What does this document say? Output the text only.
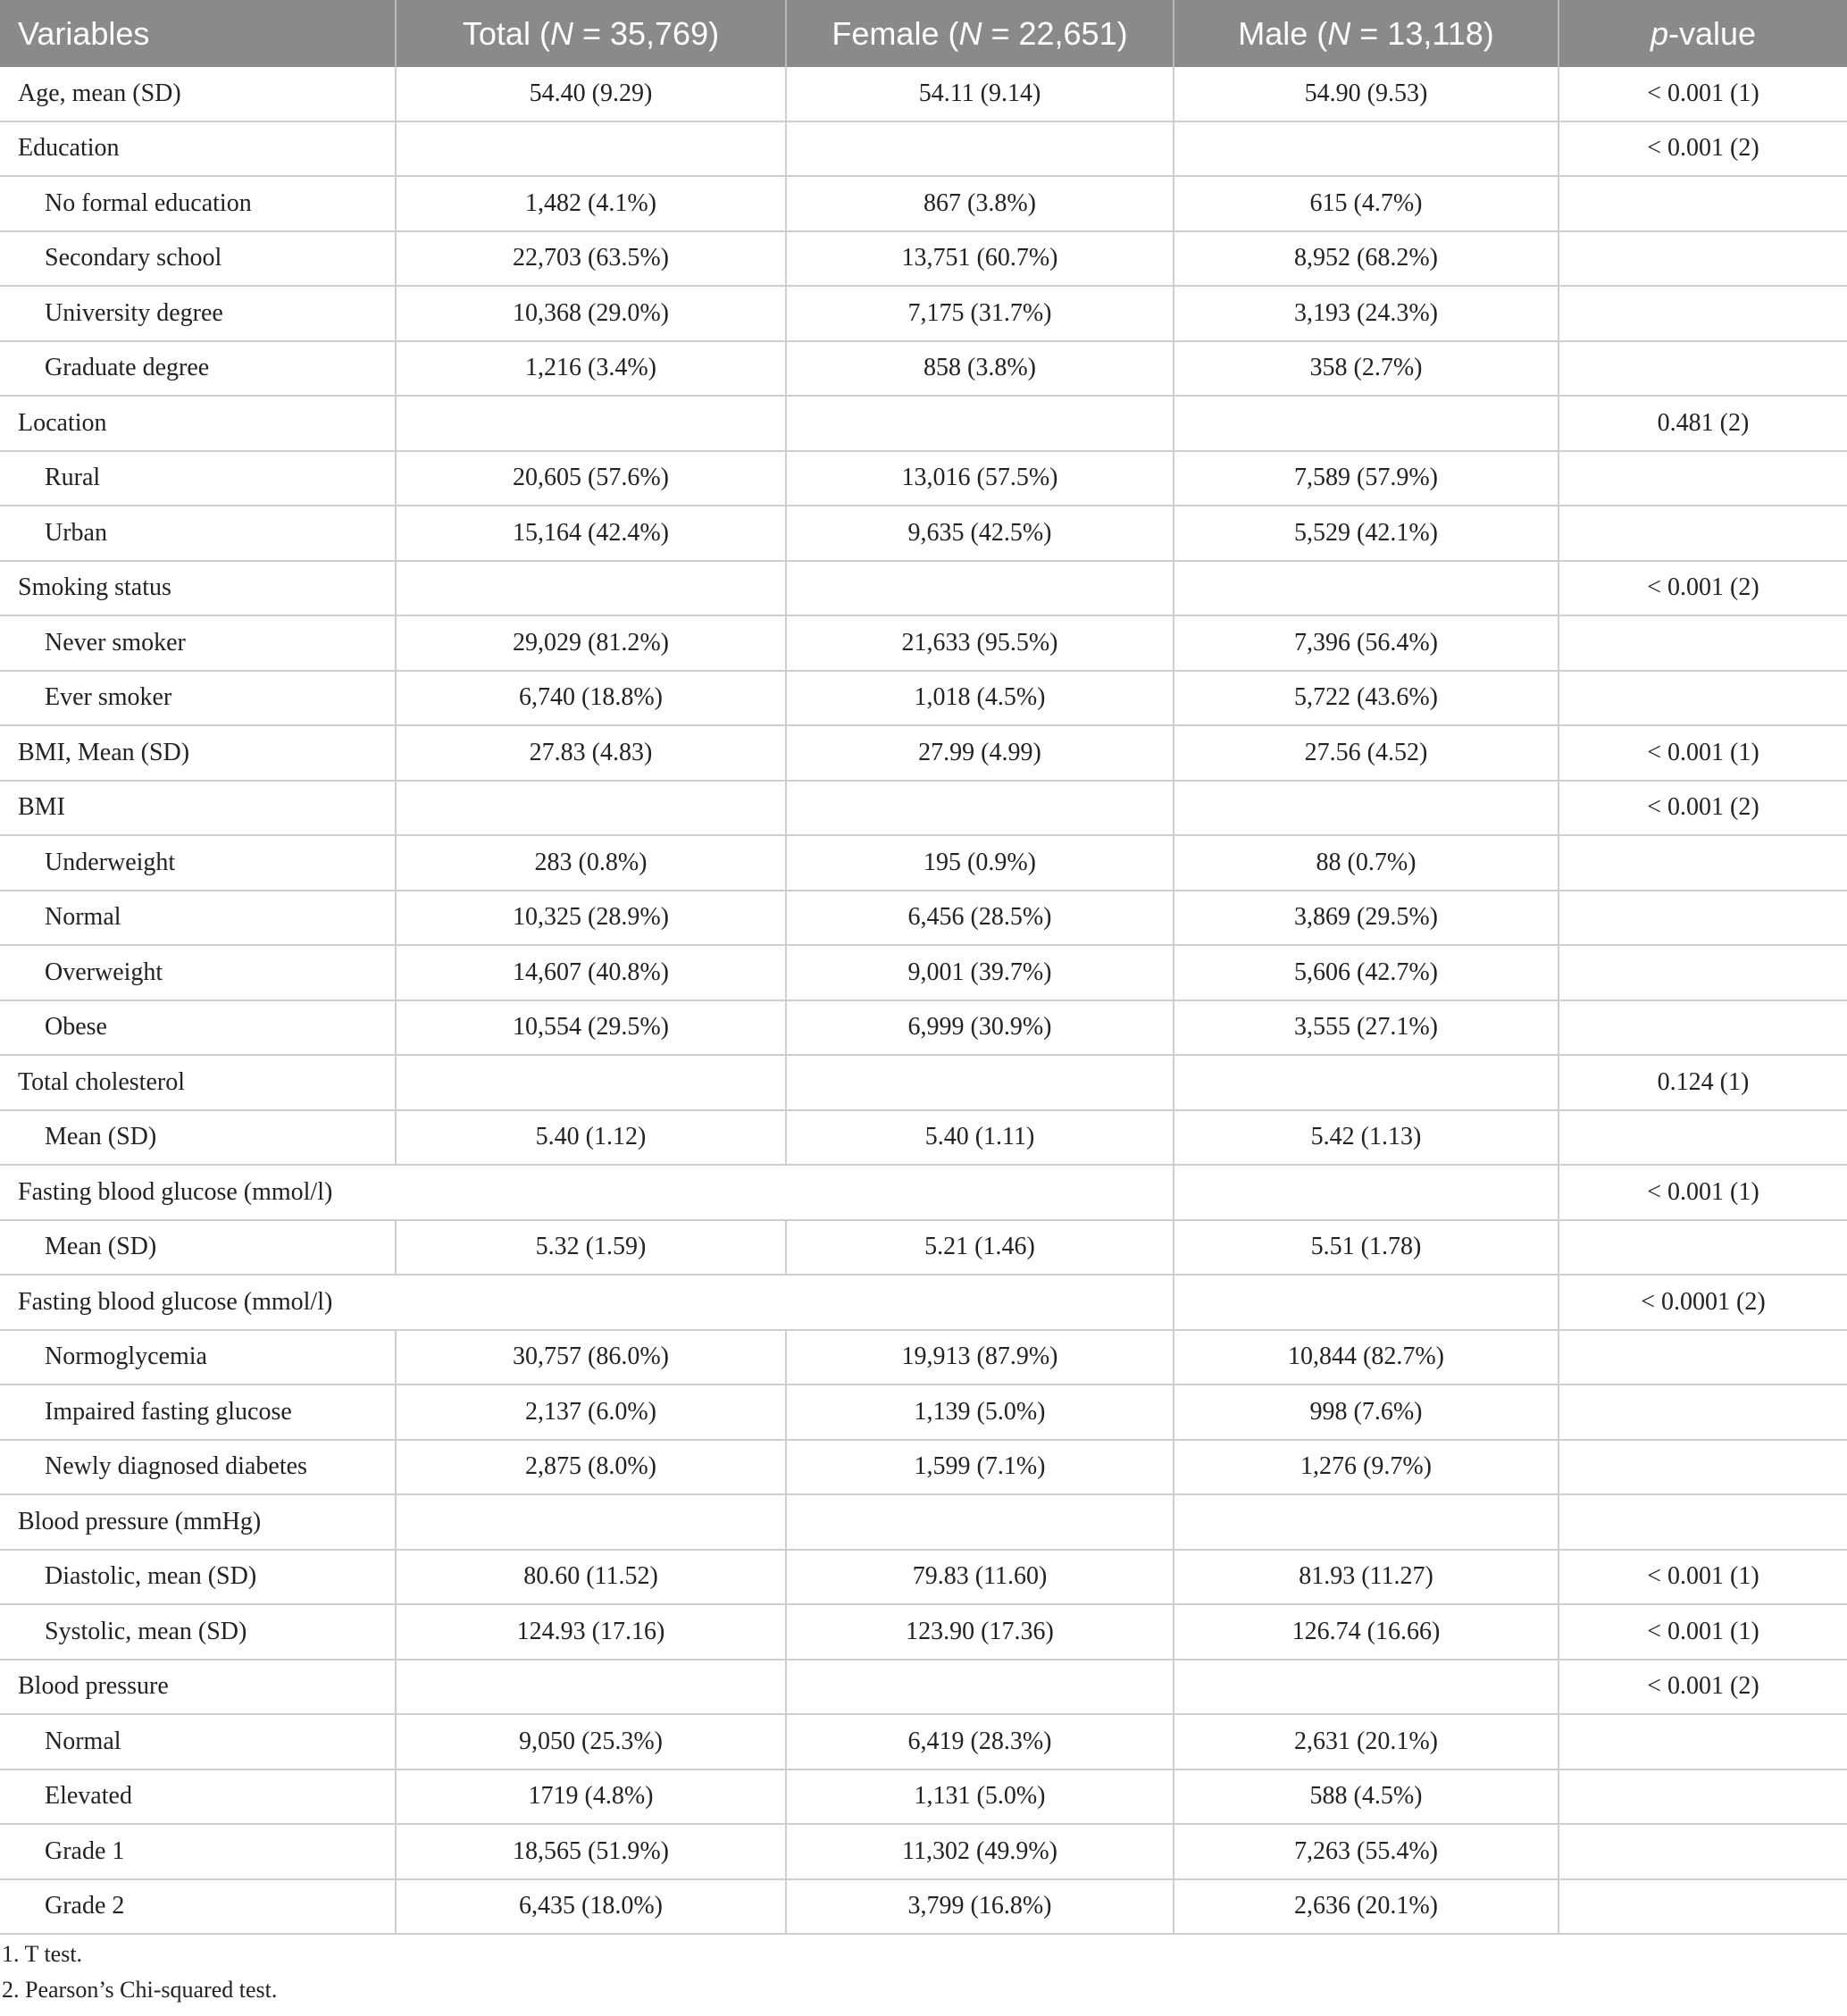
Variables	Total (N = 35,769)	Female (N = 22,651)	Male (N = 13,118)	p-value
Age, mean (SD)	54.40 (9.29)	54.11 (9.14)	54.90 (9.53)	< 0.001 (1)
Education				< 0.001 (2)
No formal education	1,482 (4.1%)	867 (3.8%)	615 (4.7%)	
Secondary school	22,703 (63.5%)	13,751 (60.7%)	8,952 (68.2%)	
University degree	10,368 (29.0%)	7,175 (31.7%)	3,193 (24.3%)	
Graduate degree	1,216 (3.4%)	858 (3.8%)	358 (2.7%)	
Location				0.481 (2)
Rural	20,605 (57.6%)	13,016 (57.5%)	7,589 (57.9%)	
Urban	15,164 (42.4%)	9,635 (42.5%)	5,529 (42.1%)	
Smoking status				< 0.001 (2)
Never smoker	29,029 (81.2%)	21,633 (95.5%)	7,396 (56.4%)	
Ever smoker	6,740 (18.8%)	1,018 (4.5%)	5,722 (43.6%)	
BMI, Mean (SD)	27.83 (4.83)	27.99 (4.99)	27.56 (4.52)	< 0.001 (1)
BMI				< 0.001 (2)
Underweight	283 (0.8%)	195 (0.9%)	88 (0.7%)	
Normal	10,325 (28.9%)	6,456 (28.5%)	3,869 (29.5%)	
Overweight	14,607 (40.8%)	9,001 (39.7%)	5,606 (42.7%)	
Obese	10,554 (29.5%)	6,999 (30.9%)	3,555 (27.1%)	
Total cholesterol				0.124 (1)
Mean (SD)	5.40 (1.12)	5.40 (1.11)	5.42 (1.13)	
Fasting blood glucose (mmol/l)				< 0.001 (1)
Mean (SD)	5.32 (1.59)	5.21 (1.46)	5.51 (1.78)	
Fasting blood glucose (mmol/l)				< 0.0001 (2)
Normoglycemia	30,757 (86.0%)	19,913 (87.9%)	10,844 (82.7%)	
Impaired fasting glucose	2,137 (6.0%)	1,139 (5.0%)	998 (7.6%)	
Newly diagnosed diabetes	2,875 (8.0%)	1,599 (7.1%)	1,276 (9.7%)	
Blood pressure (mmHg)				
Diastolic, mean (SD)	80.60 (11.52)	79.83 (11.60)	81.93 (11.27)	< 0.001 (1)
Systolic, mean (SD)	124.93 (17.16)	123.90 (17.36)	126.74 (16.66)	< 0.001 (1)
Blood pressure				< 0.001 (2)
Normal	9,050 (25.3%)	6,419 (28.3%)	2,631 (20.1%)	
Elevated	1719 (4.8%)	1,131 (5.0%)	588 (4.5%)	
Grade 1	18,565 (51.9%)	11,302 (49.9%)	7,263 (55.4%)	
Grade 2	6,435 (18.0%)	3,799 (16.8%)	2,636 (20.1%)	
1. T test.
2. Pearson’s Chi-squared test.
